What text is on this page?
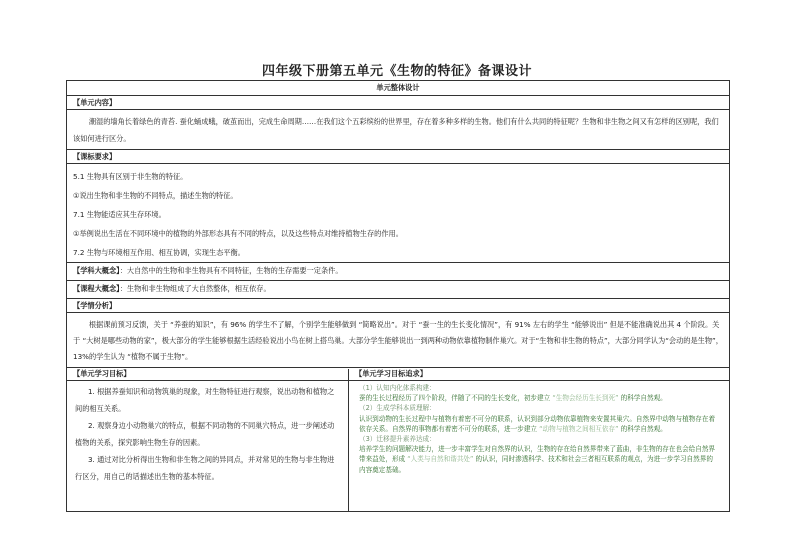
四年级下册第五单元《生物的特征》备课设计
单元整体设计
【单元内容】
潮湿的墙角长着绿色的青苔. 蚕化蛹成蛾，破茧而出，完成生命周期……在我们这个五彩缤纷的世界里，存在着多种多样的生物。他们有什么共同的特征呢？生物和非生物之间又有怎样的区别呢，我们该如何进行区分。
【课标要求】
5.1 生物具有区别于非生物的特征。
①说出生物和非生物的不同特点，描述生物的特征。
7.1 生物能适应其生存环境。
①举例说出生活在不同环境中的植物的外部形态具有不同的特点，以及这些特点对维持植物生存的作用。
7.2 生物与环境相互作用、相互协调，实现生态平衡。
【学科大概念】：大自然中的生物和非生物具有不同特征，生物的生存需要一定条件。
【课程大概念】：生物和非生物组成了大自然整体，相互依存。
【学情分析】
根据课前预习反馈，关于 “养蚕的知识”，有 96% 的学生不了解，个别学生能够做到 “简略说出”。对于 “蚕一生的生长变化情况”，有 91% 左右的学生 “能够说出” 但是不能准确说出其 4 个阶段。关于 “大树是哪些动物的家”，极大部分的学生能够根据生活经验说出小鸟在树上搭鸟巢。大部分学生能够说出一到两种动物依靠植物制作巢穴。对于“生物和非生物的特点”，大部分同学认为“会动的是生物”，13%的学生认为 “植物不属于生物”。
【单元学习目标】	【单元学习目标追求】

1. 根据养蚕知识和动物筑巢的现象，对生物特征进行观察，说出动物和植物之间的相互关系。

2. 观察身边小动物巢穴的特点，根据不同动物的不同巢穴特点，进一步阐述动植物的关系，探究影响生物生存的因素。

3. 通过对比分析得出生物和非生物之间的异同点，并对常见的生物与非生物进行区分，用自己的话描述出生物的基本特征。

（1）认知内化体系构建：

蚕的生长过程经历了四个阶段，伴随了不同的生长变化，初步建立 “生物会经历生长到死” 的科学自然观。

（2）生成学科本质理解：

认识到动物的生长过程中与植物有着密不可分的联系，认识到部分动物依靠植物来安置其巢穴。自然界中动物与植物存在着依存关系。自然界的事物都有着密不可分的联系，进一步建立 “动物与植物之间相互依存” 的科学自然观。

（3）迁移提升素养达成：

培养学生的问题解决能力，进一步丰富学生对自然界的认识，生物的存在给自然界带来了蓝曲，非生物的存在也会给自然界带来益处，形成 “人类与自然和谐共处” 的认识，同时渗透科学、技术和社会三者相互联系的观点，为进一步学习自然界的内容奠定基础。
